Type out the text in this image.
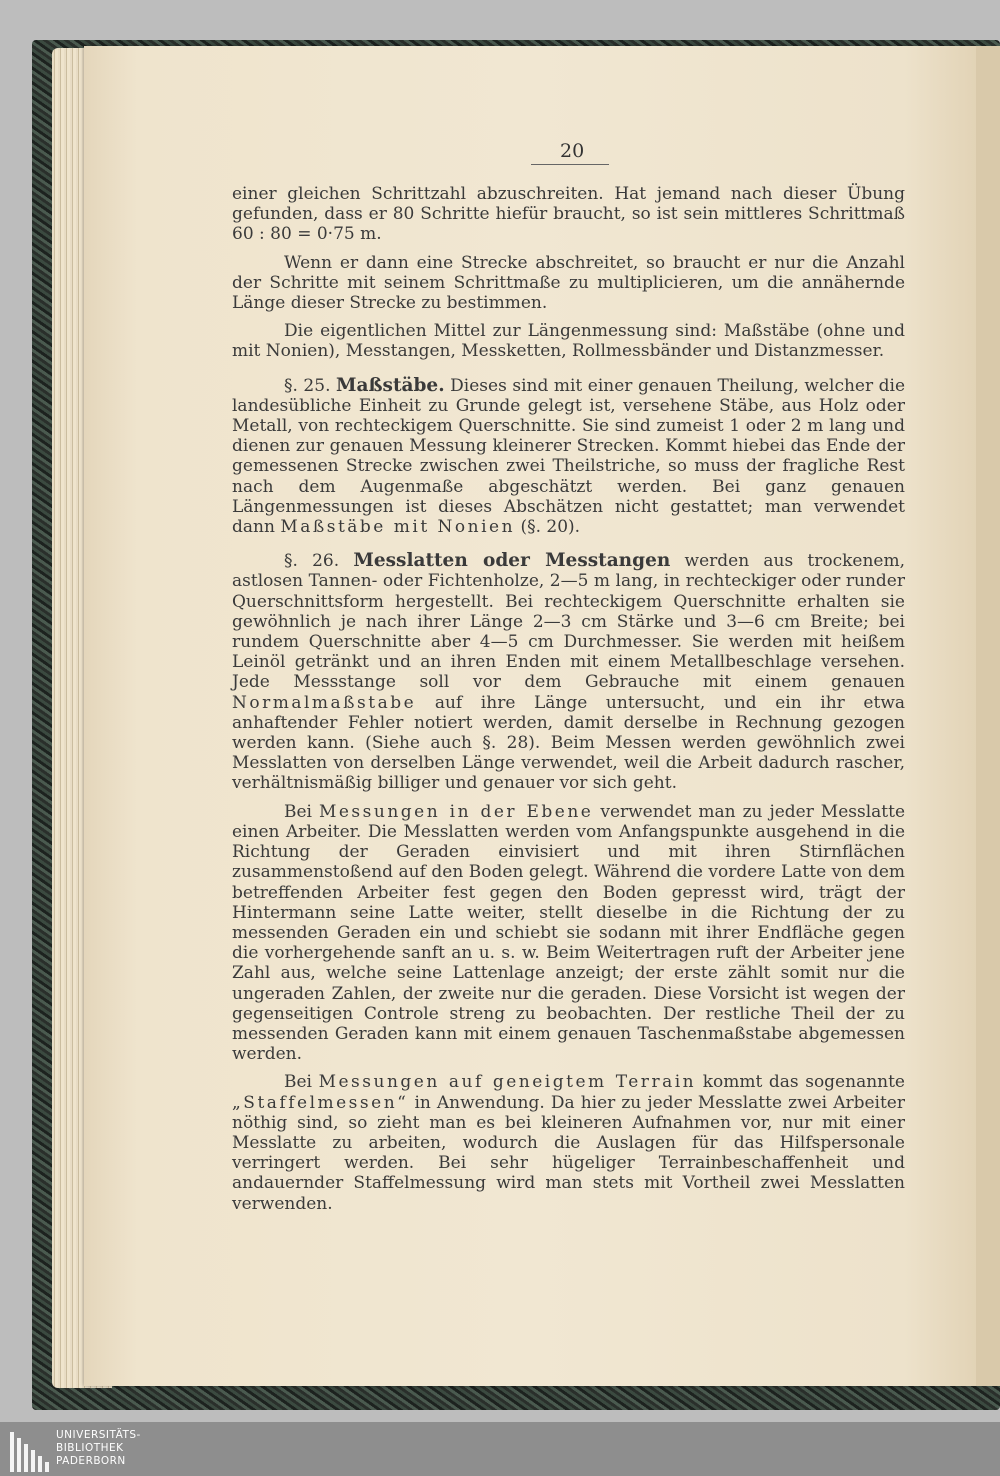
20

einer gleichen Schrittzahl abzuschreiten. Hat jemand nach dieser Übung gefunden, dass er 80 Schritte hiefür braucht, so ist sein mittleres Schrittmaß 60 : 80 = 0·75 m.

Wenn er dann eine Strecke abschreitet, so braucht er nur die Anzahl der Schritte mit seinem Schrittmaße zu multiplicieren, um die annähernde Länge dieser Strecke zu bestimmen.

Die eigentlichen Mittel zur Längenmessung sind: Maßstäbe (ohne und mit Nonien), Messtangen, Messketten, Rollmessbänder und Distanzmesser.

§. 25. Maßstäbe. Dieses sind mit einer genauen Theilung, welcher die landesübliche Einheit zu Grunde gelegt ist, versehene Stäbe, aus Holz oder Metall, von rechteckigem Querschnitte. Sie sind zumeist 1 oder 2 m lang und dienen zur genauen Messung kleinerer Strecken. Kommt hiebei das Ende der gemessenen Strecke zwischen zwei Theilstriche, so muss der fragliche Rest nach dem Augenmaße abgeschätzt werden. Bei ganz genauen Längenmessungen ist dieses Abschätzen nicht gestattet; man verwendet dann Maßstäbe mit Nonien (§. 20).

§. 26. Messlatten oder Messtangen werden aus trockenem, astlosen Tannen- oder Fichtenholze, 2—5 m lang, in rechteckiger oder runder Querschnittsform hergestellt. Bei rechteckigem Querschnitte erhalten sie gewöhnlich je nach ihrer Länge 2—3 cm Stärke und 3—6 cm Breite; bei rundem Querschnitte aber 4—5 cm Durchmesser. Sie werden mit heißem Leinöl getränkt und an ihren Enden mit einem Metallbeschlage versehen. Jede Messstange soll vor dem Gebrauche mit einem genauen Normalmaßstabe auf ihre Länge untersucht, und ein ihr etwa anhaftender Fehler notiert werden, damit derselbe in Rechnung gezogen werden kann. (Siehe auch §. 28). Beim Messen werden gewöhnlich zwei Messlatten von derselben Länge verwendet, weil die Arbeit dadurch rascher, verhältnismäßig billiger und genauer vor sich geht.

Bei Messungen in der Ebene verwendet man zu jeder Messlatte einen Arbeiter. Die Messlatten werden vom Anfangspunkte ausgehend in die Richtung der Geraden einvisiert und mit ihren Stirnflächen zusammenstoßend auf den Boden gelegt. Während die vordere Latte von dem betreffenden Arbeiter fest gegen den Boden gepresst wird, trägt der Hintermann seine Latte weiter, stellt dieselbe in die Richtung der zu messenden Geraden ein und schiebt sie sodann mit ihrer Endfläche gegen die vorhergehende sanft an u. s. w. Beim Weitertragen ruft der Arbeiter jene Zahl aus, welche seine Lattenlage anzeigt; der erste zählt somit nur die ungeraden Zahlen, der zweite nur die geraden. Diese Vorsicht ist wegen der gegenseitigen Controle streng zu beobachten. Der restliche Theil der zu messenden Geraden kann mit einem genauen Taschenmaßstabe abgemessen werden.

Bei Messungen auf geneigtem Terrain kommt das sogenannte „Staffelmessen“ in Anwendung. Da hier zu jeder Messlatte zwei Arbeiter nöthig sind, so zieht man es bei kleineren Aufnahmen vor, nur mit einer Messlatte zu arbeiten, wodurch die Auslagen für das Hilfspersonale verringert werden. Bei sehr hügeliger Terrainbeschaffenheit und andauernder Staffelmessung wird man stets mit Vortheil zwei Messlatten verwenden.

UNIVERSITÄTS-
BIBLIOTHEK
PADERBORN
